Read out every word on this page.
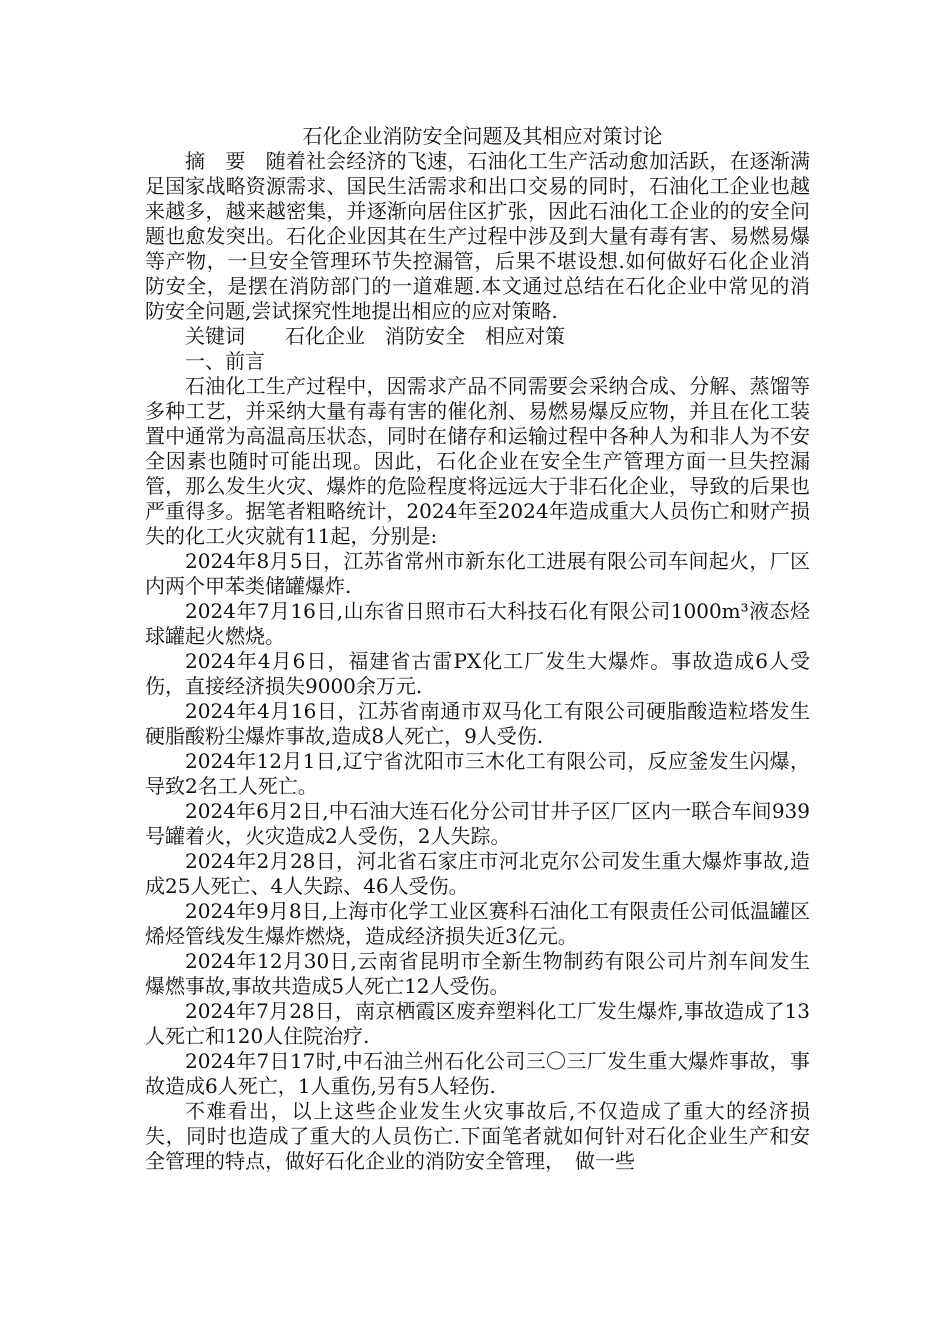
石化企业消防安全问题及其相应对策讨论

摘　要 随着社会经济的飞速，石油化工生产活动愈加活跃，在逐渐满足国家战略资源需求、国民生活需求和出口交易的同时，石油化工企业也越来越多，越来越密集，并逐渐向居住区扩张，因此石油化工企业的的安全问题也愈发突出。石化企业因其在生产过程中涉及到大量有毒有害、易燃易爆等产物，一旦安全管理环节失控漏管，后果不堪设想.如何做好石化企业消防安全，是摆在消防部门的一道难题.本文通过总结在石化企业中常见的消防安全问题,尝试探究性地提出相应的应对策略.

关键词 石化企业 消防安全 相应对策

一、前言

石油化工生产过程中，因需求产品不同需要会采纳合成、分解、蒸馏等多种工艺，并采纳大量有毒有害的催化剂、易燃易爆反应物，并且在化工装置中通常为高温高压状态，同时在储存和运输过程中各种人为和非人为不安全因素也随时可能出现。因此，石化企业在安全生产管理方面一旦失控漏管，那么发生火灾、爆炸的危险程度将远远大于非石化企业，导致的后果也严重得多。据笔者粗略统计，2024年至2024年造成重大人员伤亡和财产损失的化工火灾就有11起，分别是:

2024年8月5日，江苏省常州市新东化工进展有限公司车间起火，厂区内两个甲苯类储罐爆炸.

2024年7月16日,山东省日照市石大科技石化有限公司1000m³液态烃球罐起火燃烧。

2024年4月6日，福建省古雷PX化工厂发生大爆炸。事故造成6人受伤，直接经济损失9000余万元.

2024年4月16日，江苏省南通市双马化工有限公司硬脂酸造粒塔发生硬脂酸粉尘爆炸事故,造成8人死亡，9人受伤.

2024年12月1日,辽宁省沈阳市三木化工有限公司，反应釜发生闪爆，导致2名工人死亡。

2024年6月2日,中石油大连石化分公司甘井子区厂区内一联合车间939号罐着火，火灾造成2人受伤，2人失踪。

2024年2月28日，河北省石家庄市河北克尔公司发生重大爆炸事故,造成25人死亡、4人失踪、46人受伤。

2024年9月8日,上海市化学工业区赛科石油化工有限责任公司低温罐区烯烃管线发生爆炸燃烧，造成经济损失近3亿元。

2024年12月30日,云南省昆明市全新生物制药有限公司片剂车间发生爆燃事故,事故共造成5人死亡12人受伤。

2024年7月28日，南京栖霞区废弃塑料化工厂发生爆炸,事故造成了13人死亡和120人住院治疗.

2024年7日17时,中石油兰州石化公司三〇三厂发生重大爆炸事故，事故造成6人死亡，1人重伤,另有5人轻伤.

不难看出，以上这些企业发生火灾事故后,不仅造成了重大的经济损失，同时也造成了重大的人员伤亡.下面笔者就如何针对石化企业生产和安全管理的特点，做好石化企业的消防安全管理，　做一些
